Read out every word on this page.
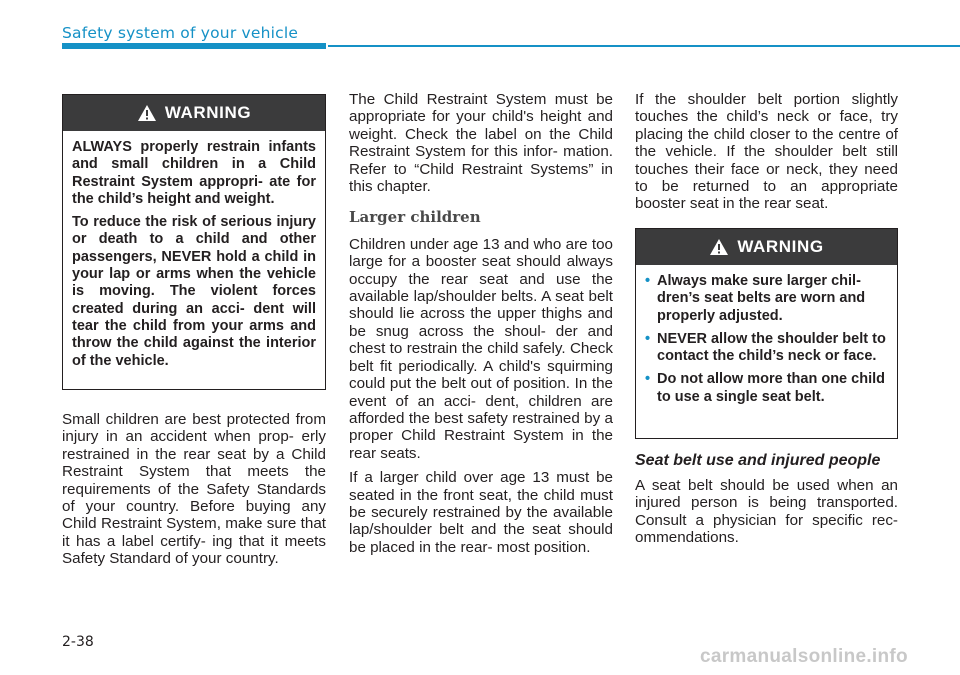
Safety system of your vehicle
WARNING

ALWAYS properly restrain infants and small children in a Child Restraint System appropri- ate for the child’s height and weight.

To reduce the risk of serious injury or death to a child and other passengers, NEVER hold a child in your lap or arms when the vehicle is moving. The violent forces created during an acci- dent will tear the child from your arms and throw the child against the interior of the vehicle.

Small children are best protected from injury in an accident when prop- erly restrained in the rear seat by a Child Restraint System that meets the requirements of the Safety Standards of your country. Before buying any Child Restraint System, make sure that it has a label certify- ing that it meets Safety Standard of your country.

The Child Restraint System must be appropriate for your child's height and weight. Check the label on the Child Restraint System for this infor- mation. Refer to “Child Restraint Systems” in this chapter.

Larger children

Children under age 13 and who are too large for a booster seat should always occupy the rear seat and use the available lap/shoulder belts. A seat belt should lie across the upper thighs and be snug across the shoul- der and chest to restrain the child safely. Check belt fit periodically. A child's squirming could put the belt out of position. In the event of an acci- dent, children are afforded the best safety restrained by a proper Child Restraint System in the rear seats.

If a larger child over age 13 must be seated in the front seat, the child must be securely restrained by the available lap/shoulder belt and the seat should be placed in the rear- most position.

If the shoulder belt portion slightly touches the child’s neck or face, try placing the child closer to the centre of the vehicle. If the shoulder belt still touches their face or neck, they need to be returned to an appropriate booster seat in the rear seat.

WARNING
• Always make sure larger chil- dren’s seat belts are worn and properly adjusted.
• NEVER allow the shoulder belt to contact the child’s neck or face.
• Do not allow more than one child to use a single seat belt.
Seat belt use and injured people

A seat belt should be used when an injured person is being transported. Consult a physician for specific rec- ommendations.

2-38
carmanualsonline.info
